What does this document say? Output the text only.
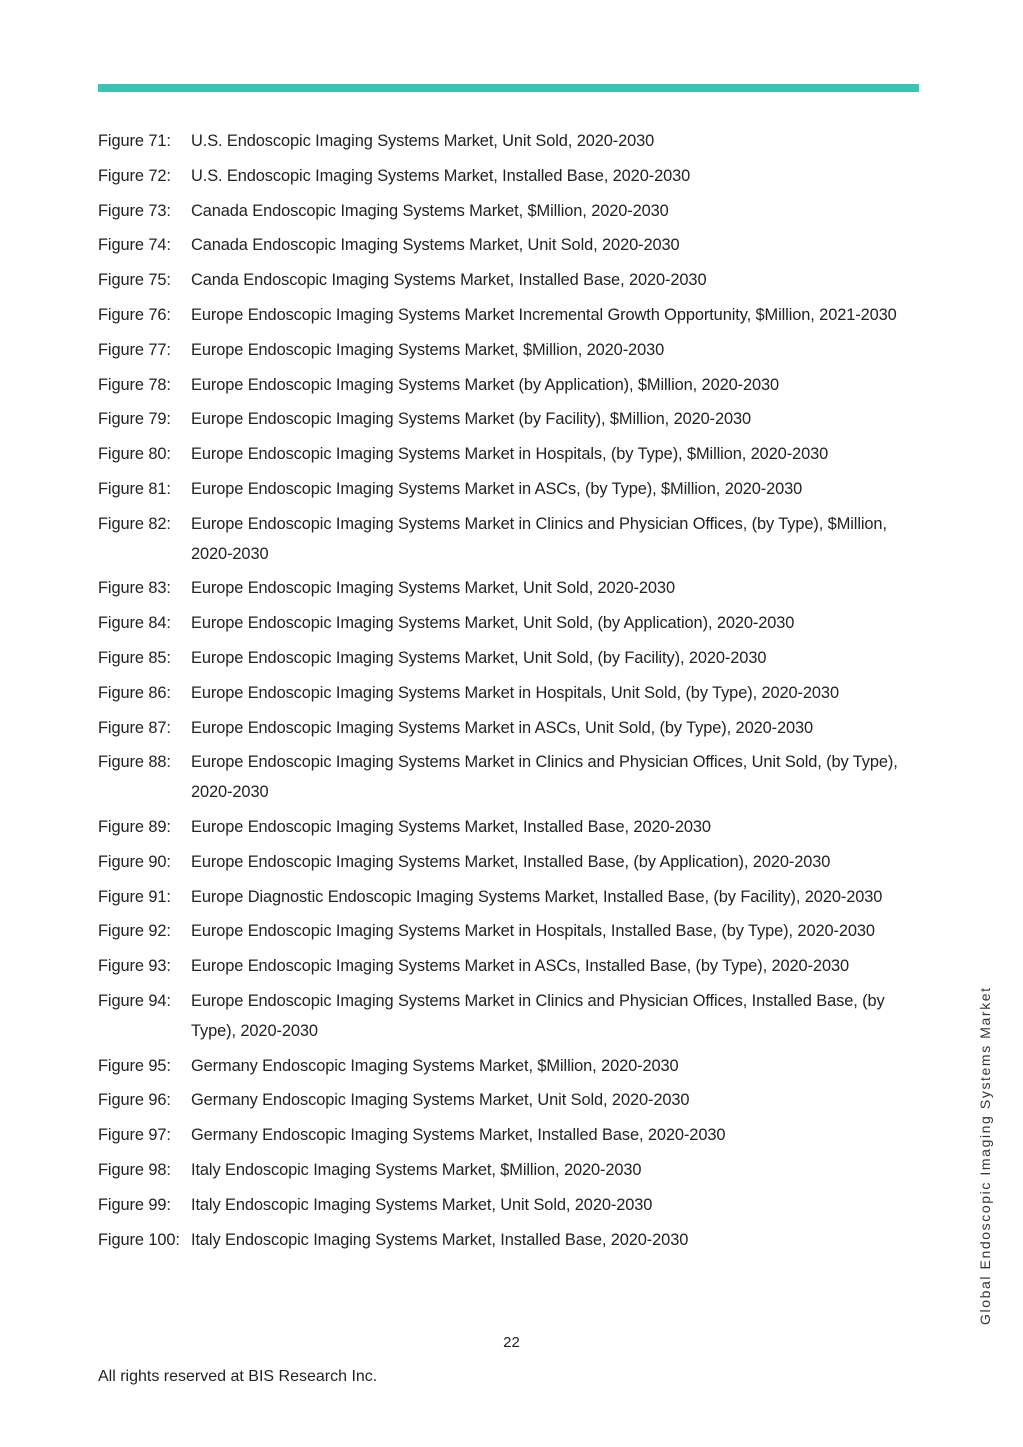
Figure 71:	U.S. Endoscopic Imaging Systems Market, Unit Sold, 2020-2030
Figure 72:	U.S. Endoscopic Imaging Systems Market, Installed Base, 2020-2030
Figure 73:	Canada Endoscopic Imaging Systems Market, $Million, 2020-2030
Figure 74:	Canada Endoscopic Imaging Systems Market, Unit Sold, 2020-2030
Figure 75:	Canda Endoscopic Imaging Systems Market, Installed Base, 2020-2030
Figure 76:	Europe Endoscopic Imaging Systems Market Incremental Growth Opportunity, $Million, 2021-2030
Figure 77:	Europe Endoscopic Imaging Systems Market, $Million, 2020-2030
Figure 78:	Europe Endoscopic Imaging Systems Market (by Application), $Million, 2020-2030
Figure 79:	Europe Endoscopic Imaging Systems Market (by Facility), $Million, 2020-2030
Figure 80:	Europe Endoscopic Imaging Systems Market in Hospitals, (by Type), $Million, 2020-2030
Figure 81:	Europe Endoscopic Imaging Systems Market in ASCs, (by Type), $Million, 2020-2030
Figure 82:	Europe Endoscopic Imaging Systems Market in Clinics and Physician Offices, (by Type), $Million, 2020-2030
Figure 83:	Europe Endoscopic Imaging Systems Market, Unit Sold, 2020-2030
Figure 84:	Europe Endoscopic Imaging Systems Market, Unit Sold, (by Application), 2020-2030
Figure 85:	Europe Endoscopic Imaging Systems Market, Unit Sold, (by Facility), 2020-2030
Figure 86:	Europe Endoscopic Imaging Systems Market in Hospitals, Unit Sold, (by Type), 2020-2030
Figure 87:	Europe Endoscopic Imaging Systems Market in ASCs, Unit Sold, (by Type), 2020-2030
Figure 88:	Europe Endoscopic Imaging Systems Market in Clinics and Physician Offices, Unit Sold, (by Type), 2020-2030
Figure 89:	Europe Endoscopic Imaging Systems Market, Installed Base, 2020-2030
Figure 90:	Europe Endoscopic Imaging Systems Market, Installed Base, (by Application), 2020-2030
Figure 91:	Europe Diagnostic Endoscopic Imaging Systems Market, Installed Base, (by Facility), 2020-2030
Figure 92:	Europe Endoscopic Imaging Systems Market in Hospitals, Installed Base, (by Type), 2020-2030
Figure 93:	Europe Endoscopic Imaging Systems Market in ASCs, Installed Base, (by Type), 2020-2030
Figure 94:	Europe Endoscopic Imaging Systems Market in Clinics and Physician Offices, Installed Base, (by Type), 2020-2030
Figure 95:	Germany Endoscopic Imaging Systems Market, $Million, 2020-2030
Figure 96:	Germany Endoscopic Imaging Systems Market, Unit Sold, 2020-2030
Figure 97:	Germany Endoscopic Imaging Systems Market, Installed Base, 2020-2030
Figure 98:	Italy Endoscopic Imaging Systems Market, $Million, 2020-2030
Figure 99:	Italy Endoscopic Imaging Systems Market, Unit Sold, 2020-2030
Figure 100: Italy Endoscopic Imaging Systems Market, Installed Base, 2020-2030
22
All rights reserved at BIS Research Inc.
Global Endoscopic Imaging Systems Market
